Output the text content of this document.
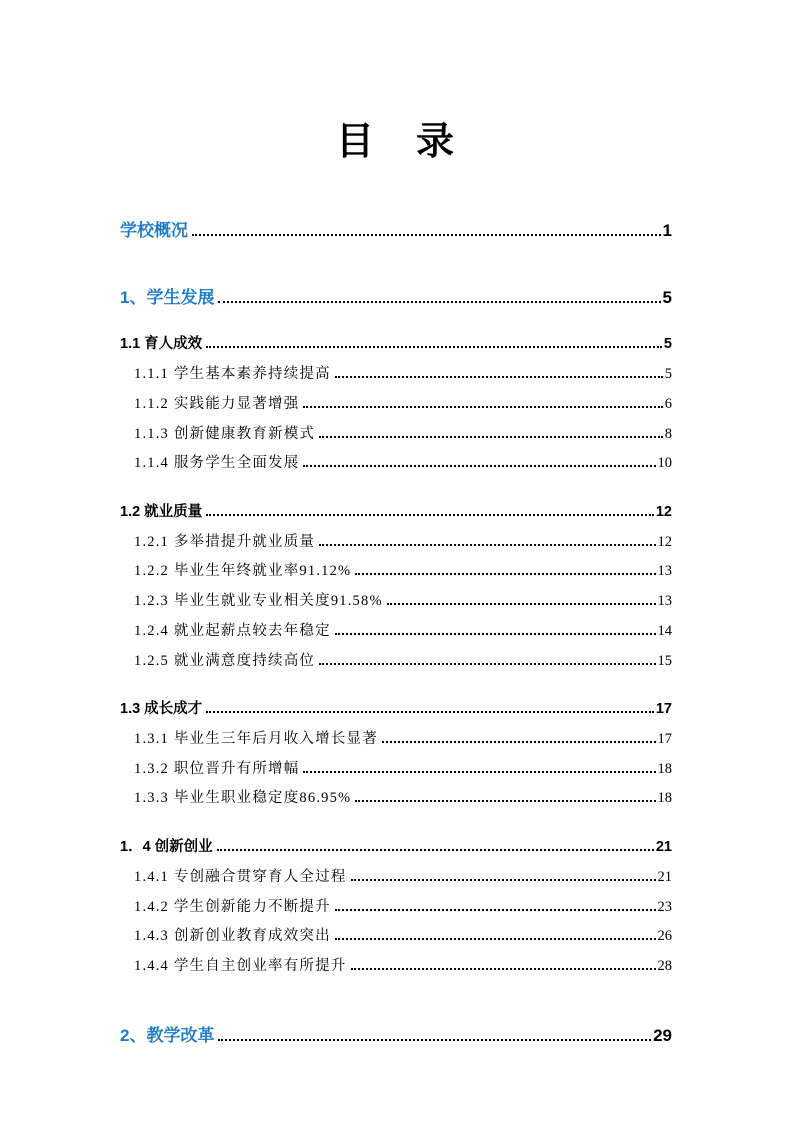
目　录
学校概况	1
1、学生发展	5
1.1 育人成效	5
1.1.1 学生基本素养持续提高	5
1.1.2 实践能力显著增强	6
1.1.3 创新健康教育新模式	8
1.1.4 服务学生全面发展	10
1.2 就业质量	12
1.2.1 多举措提升就业质量	12
1.2.2 毕业生年终就业率91.12%	13
1.2.3 毕业生就业专业相关度91.58%	13
1.2.4 就业起薪点较去年稳定	14
1.2.5 就业满意度持续高位	15
1.3 成长成才	17
1.3.1 毕业生三年后月收入增长显著	17
1.3.2 职位晋升有所增幅	18
1.3.3 毕业生职业稳定度86.95%	18
1．4 创新创业	21
1.4.1 专创融合贯穿育人全过程	21
1.4.2 学生创新能力不断提升	23
1.4.3 创新创业教育成效突出	26
1.4.4 学生自主创业率有所提升	28
2、教学改革	29
